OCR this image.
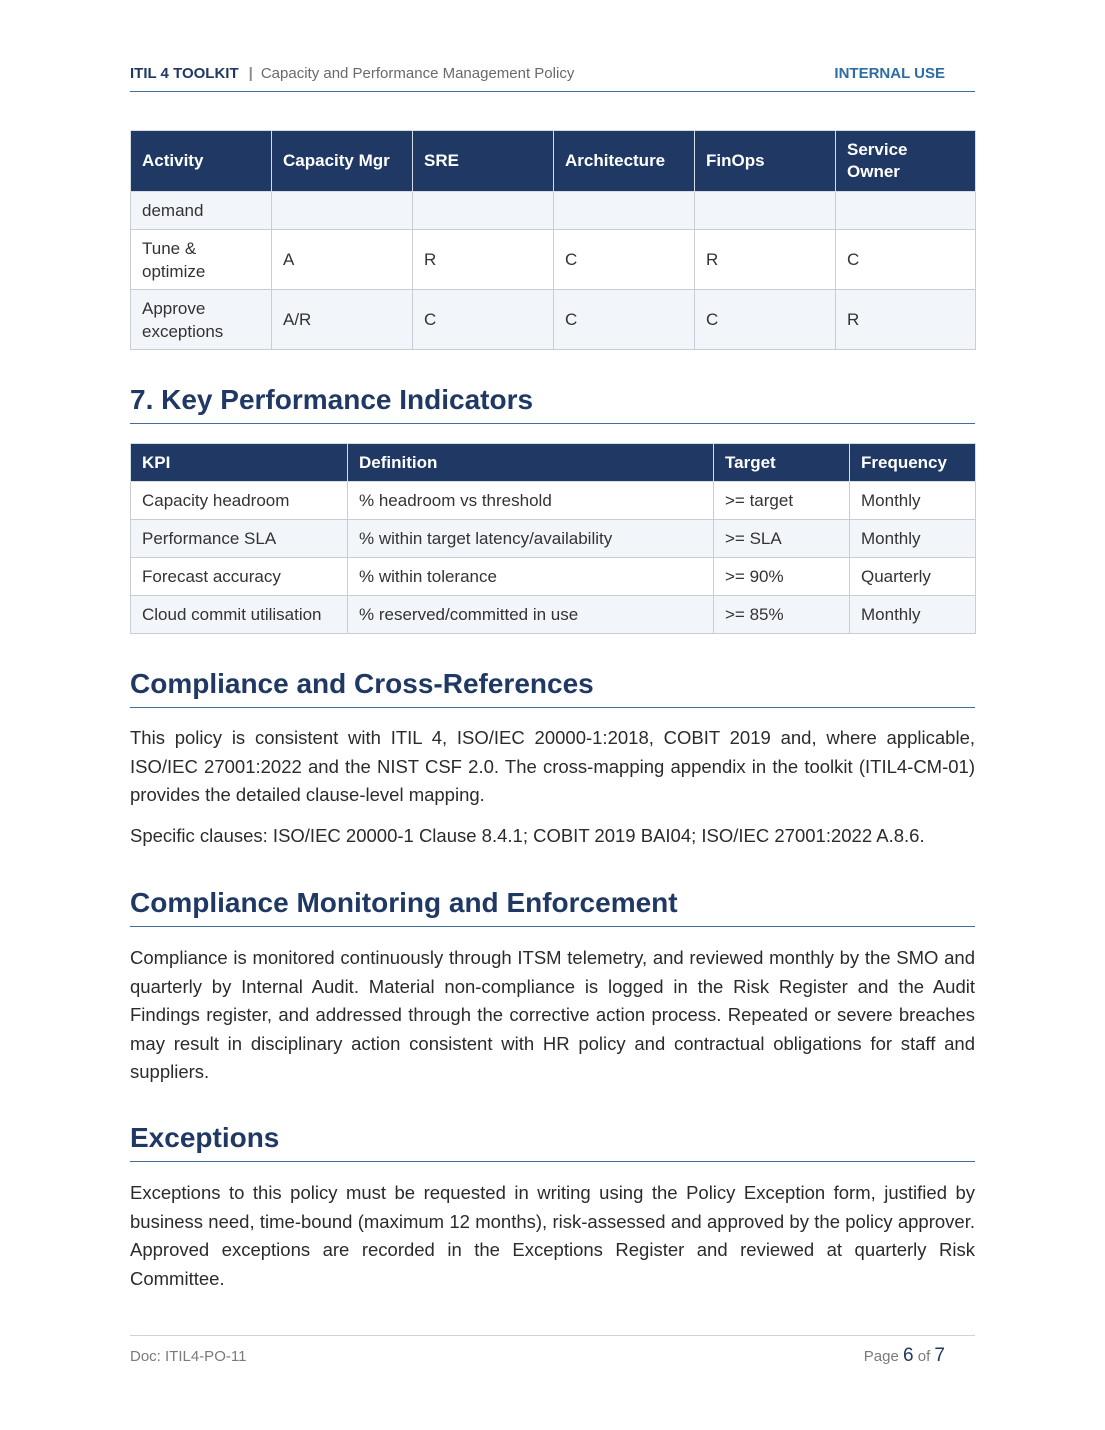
ITIL 4 TOOLKIT | Capacity and Performance Management Policy	INTERNAL USE
Activity	Capacity Mgr	SRE	Architecture	FinOps	Service Owner
demand					
Tune & optimize	A	R	C	R	C
Approve exceptions	A/R	C	C	C	R
7. Key Performance Indicators
KPI	Definition	Target	Frequency
Capacity headroom	% headroom vs threshold	>= target	Monthly
Performance SLA	% within target latency/availability	>= SLA	Monthly
Forecast accuracy	% within tolerance	>= 90%	Quarterly
Cloud commit utilisation	% reserved/committed in use	>= 85%	Monthly
Compliance and Cross-References

This policy is consistent with ITIL 4, ISO/IEC 20000-1:2018, COBIT 2019 and, where applicable, ISO/IEC 27001:2022 and the NIST CSF 2.0. The cross-mapping appendix in the toolkit (ITIL4-CM-01) provides the detailed clause-level mapping.

Specific clauses: ISO/IEC 20000-1 Clause 8.4.1; COBIT 2019 BAI04; ISO/IEC 27001:2022 A.8.6.

Compliance Monitoring and Enforcement

Compliance is monitored continuously through ITSM telemetry, and reviewed monthly by the SMO and quarterly by Internal Audit. Material non-compliance is logged in the Risk Register and the Audit Findings register, and addressed through the corrective action process. Repeated or severe breaches may result in disciplinary action consistent with HR policy and contractual obligations for staff and suppliers.

Exceptions

Exceptions to this policy must be requested in writing using the Policy Exception form, justified by business need, time-bound (maximum 12 months), risk-assessed and approved by the policy approver. Approved exceptions are recorded in the Exceptions Register and reviewed at quarterly Risk Committee.

Doc: ITIL4-PO-11	Page 6 of 7
